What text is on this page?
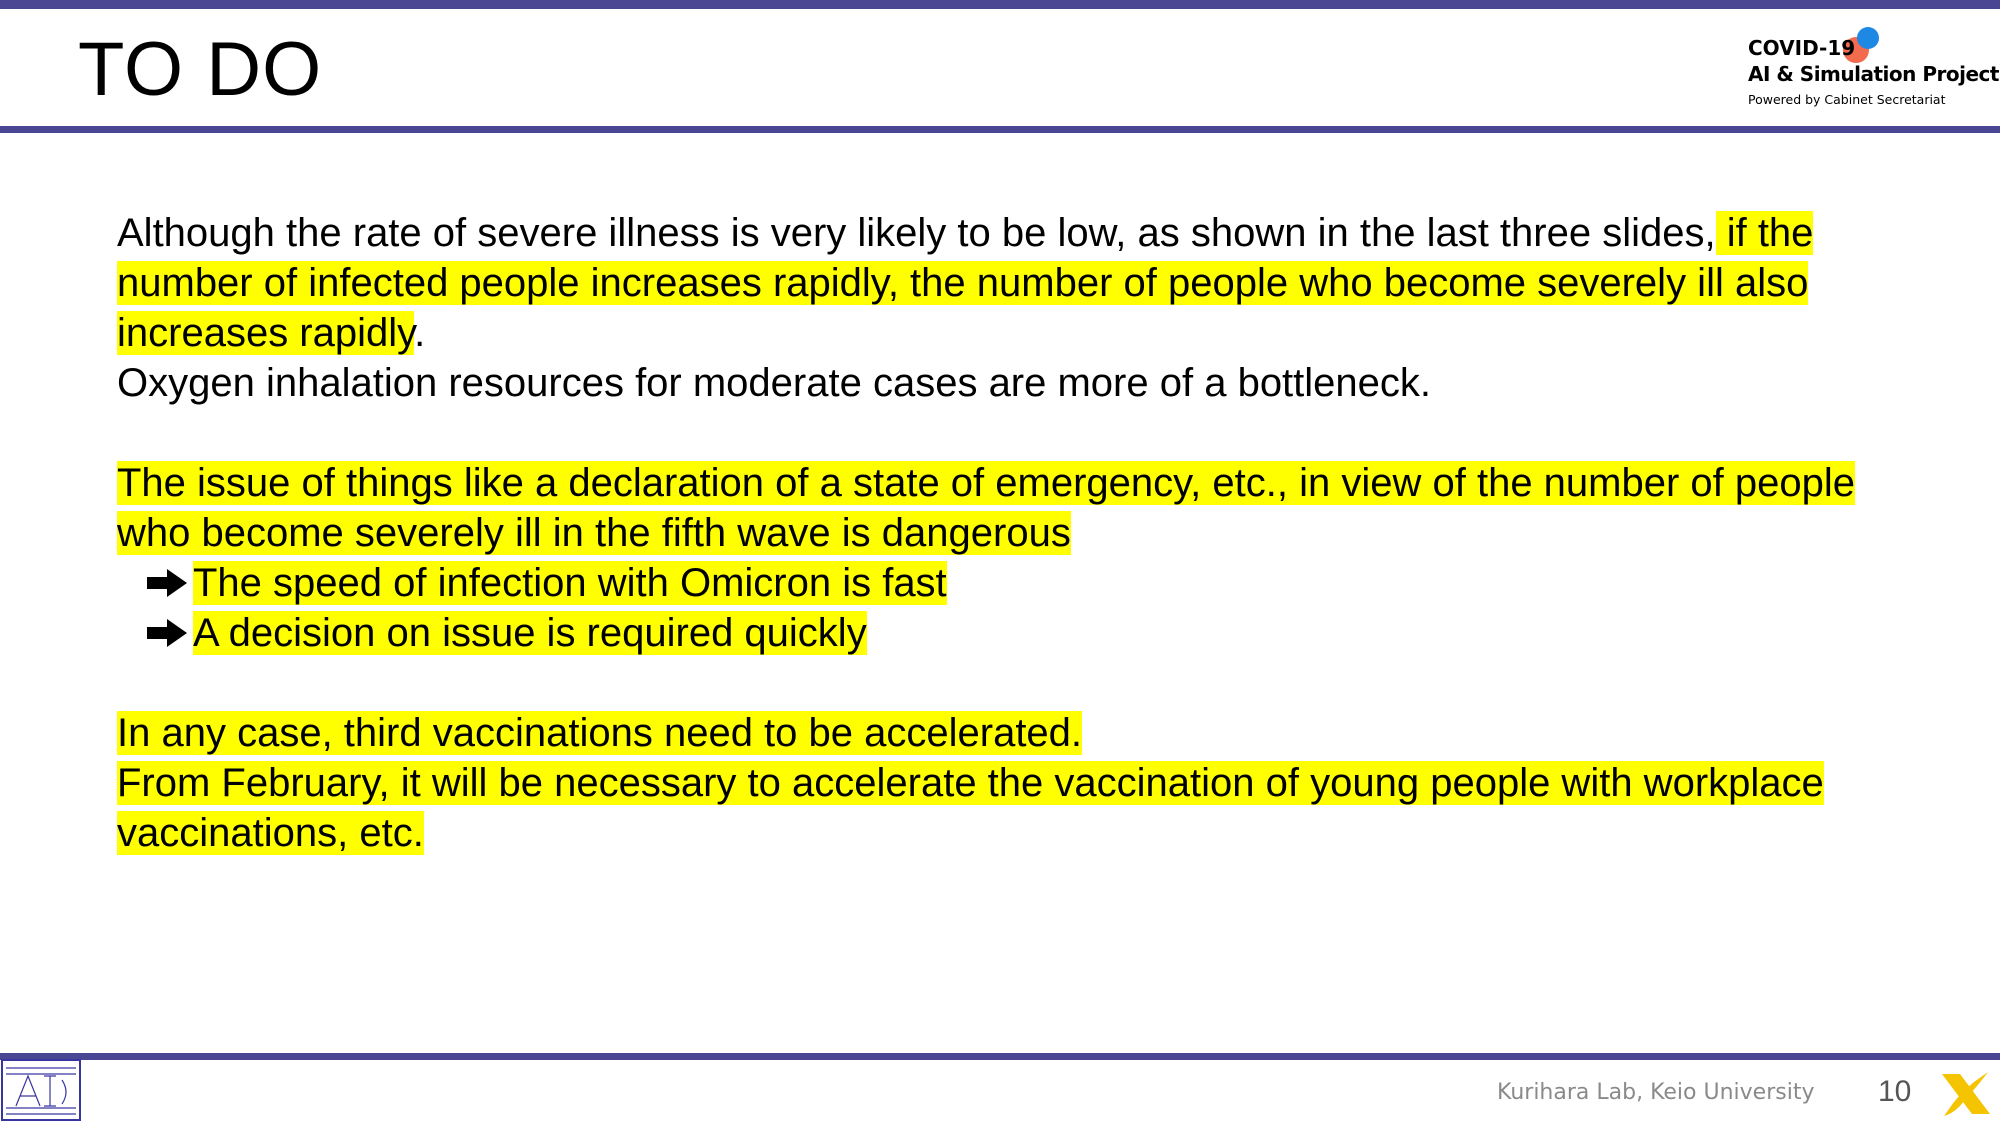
TO DO	COVID-19
AI & Simulation Project
Powered by Cabinet Secretariat

Although the rate of severe illness is very likely to be low, as shown in the last three slides, if the number of infected people increases rapidly, the number of people who become severely ill also increases rapidly.

Oxygen inhalation resources for moderate cases are more of a bottleneck.

The issue of things like a declaration of a state of emergency, etc., in view of the number of people who become severely ill in the fifth wave is dangerous

The speed of infection with Omicron is fast

A decision on issue is required quickly

In any case, third vaccinations need to be accelerated.

From February, it will be necessary to accelerate the vaccination of young people with workplace vaccinations, etc.

Kurihara Lab, Keio University 10
